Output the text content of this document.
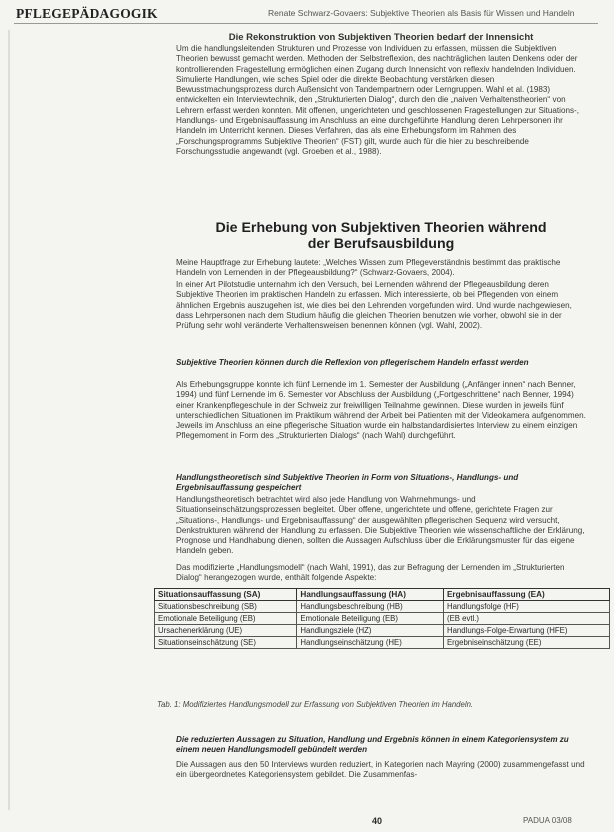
PFLEGEPÄDAGOGIK	Renate Schwarz-Govaers: Subjektive Theorien als Basis für Wissen und Handeln
Die Rekonstruktion von Subjektiven Theorien bedarf der Innensicht
Um die handlungsleitenden Strukturen und Prozesse von Individuen zu erfassen, müssen die Subjektiven Theorien bewusst gemacht werden. Methoden der Selbstreflexion, des nachträglichen lauten Denkens oder der kontrollierenden Fragestellung ermöglichen einen Zugang durch Innensicht von reflexiv handelnden Individuen. Simulierte Handlungen, wie sches Spiel oder die direkte Beobachtung verstärken diesen Bewusstmachungsprozess durch Außensicht von Tandempartnern oder Lerngruppen. Wahl et al. (1983) entwickelten ein Interviewtechnik, den „Strukturierten Dialog“, durch den die „naiven Verhaltenstheorien“ von Lehrern erfasst werden konnten. Mit offenen, ungerichteten und geschlossenen Fragestellungen zur Situations-, Handlungs- und Ergebnisauffassung im Anschluss an eine durchgeführte Handlung deren Lehrpersonen ihr Handeln im Unterricht kennen. Dieses Verfahren, das als eine Erhebungsform im Rahmen des „Forschungsprogramms Subjektive Theorien“ (FST) gilt, wurde auch für die hier zu beschreibende Forschungsstudie angewandt (vgl. Groeben et al., 1988).
Die Erhebung von Subjektiven Theorien während
der Berufsausbildung
Meine Hauptfrage zur Erhebung lautete: „Welches Wissen zum Pflegeverständnis bestimmt das praktische Handeln von Lernenden in der Pflegeausbildung?“ (Schwarz-Govaers, 2004).
In einer Art Pilotstudie unternahm ich den Versuch, bei Lernenden während der Pflegeausbildung deren Subjektive Theorien im praktischen Handeln zu erfassen. Mich interessierte, ob bei Pflegenden von einem ähnlichen Ergebnis auszugehen ist, wie dies bei den Lehrenden vorgefunden wird. Und wurde nachgewiesen, dass Lehrpersonen nach dem Studium häufig die gleichen Theorien benutzen wie vorher, obwohl sie in der Prüfung sehr wohl veränderte Verhaltensweisen benennen können (vgl. Wahl, 2002).
Subjektive Theorien können durch die Reflexion von pflegerischem Handeln erfasst werden
Als Erhebungsgruppe konnte ich fünf Lernende im 1. Semester der Ausbildung („Anfänger innen“ nach Benner, 1994) und fünf Lernende im 6. Semester vor Abschluss der Ausbildung („Fortgeschrittene“ nach Benner, 1994) einer Krankenpflegeschule in der Schweiz zur freiwilligen Teilnahme gewinnen. Diese wurden in jeweils fünf unterschiedlichen Situationen im Praktikum während der Arbeit bei Patienten mit der Videokamera aufgenommen. Jeweils im Anschluss an eine pflegerische Situation wurde ein halbstandardisiertes Interview zu einem einzigen Pflegemoment in Form des „Strukturierten Dialogs“ (nach Wahl) durchgeführt.
Handlungstheoretisch sind Subjektive Theorien in Form von Situations-, Handlungs- und Ergebnisauffassung gespeichert
Handlungstheoretisch betrachtet wird also jede Handlung von Wahrnehmungs- und Situationseinschätzungsprozessen begleitet. Über offene, ungerichtete und offene, gerichtete Fragen zur „Situations-, Handlungs- und Ergebnisauffassung“ der ausgewählten pflegerischen Sequenz wird versucht, Denkstrukturen während der Handlung zu erfassen. Die Subjektive Theorien wie wissenschaftliche der Erklärung, Prognose und Handhabung dienen, sollten die Aussagen Aufschluss über die Erklärungsmuster für das eigene Handeln geben.
Das modifizierte „Handlungsmodell“ (nach Wahl, 1991), das zur Befragung der Lernenden im „Strukturierten Dialog“ herangezogen wurde, enthält folgende Aspekte:
Situationsauffassung (SA)	Handlungsauffassung (HA)	Ergebnisauffassung (EA)
Situationsbeschreibung (SB)	Handlungsbeschreibung (HB)	Handlungsfolge (HF)
Emotionale Beteiligung (EB)	Emotionale Beteiligung (EB)	(EB evtl.)
Ursachenerklärung (UE)	Handlungsziele (HZ)	Handlungs-Folge-Erwartung (HFE)
Situationseinschätzung (SE)	Handlungseinschätzung (HE)	Ergebniseinschätzung (EE)
Tab. 1: Modifiziertes Handlungsmodell zur Erfassung von Subjektiven Theorien im Handeln.
Die reduzierten Aussagen zu Situation, Handlung und Ergebnis können in einem Kategoriensystem zu einem neuen Handlungsmodell gebündelt werden
Die Aussagen aus den 50 Interviews wurden reduziert, in Kategorien nach Mayring (2000) zusammengefasst und ein übergeordnetes Kategoriensystem gebildet. Die Zusammenfas-
40	PADUA 03/08
